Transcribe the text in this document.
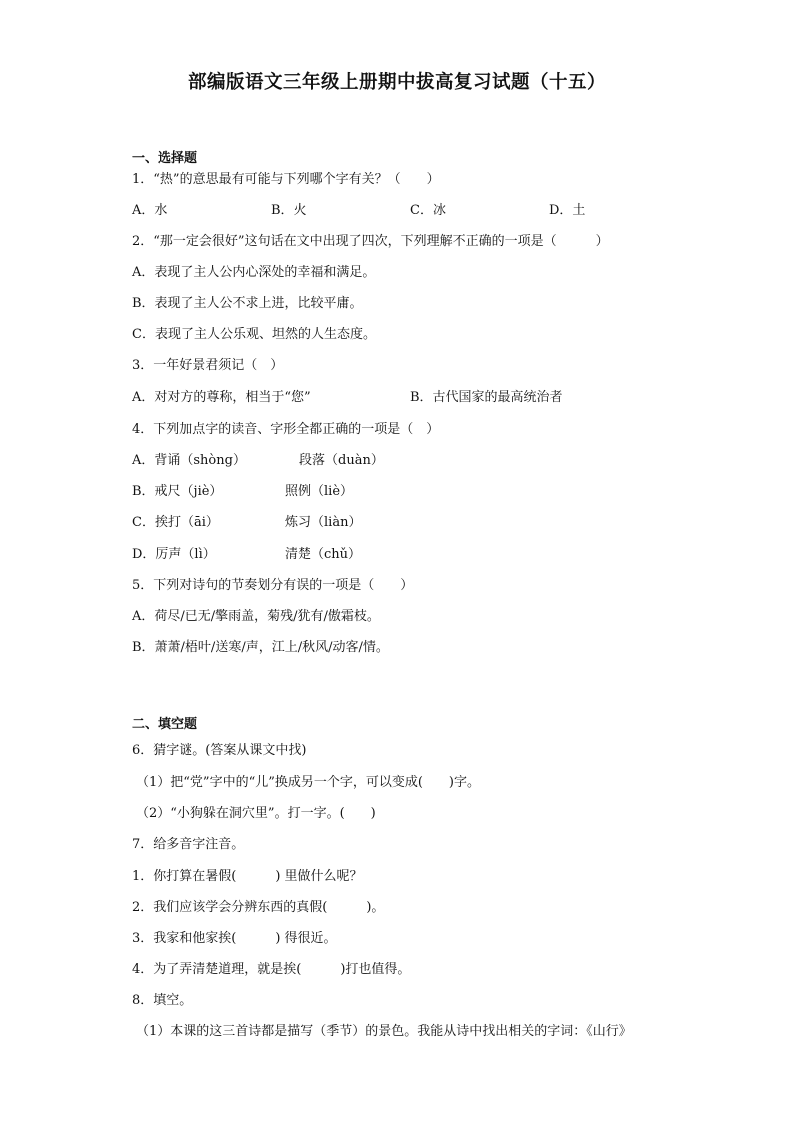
部编版语文三年级上册期中拔高复习试题（十五）
一、选择题
1．“热”的意思最有可能与下列哪个字有关？（　　）
A．水	B．火	C．冰	D．土
2．“那一定会很好”这句话在文中出现了四次，下列理解不正确的一项是（　　　）
A．表现了主人公内心深处的幸福和满足。
B．表现了主人公不求上进，比较平庸。
C．表现了主人公乐观、坦然的人生态度。
3．一年好景君须记（　）
A．对对方的尊称，相当于“您”	B．古代国家的最高统治者
4．下列加点字的读音、字形全都正确的一项是（　）
A．背诵（shòng）	段落（duàn）
B．戒尺（jiè）	照例（liè）
C．挨打（āi）	炼习（liàn）
D．厉声（lì）	清楚（chǔ）
5．下列对诗句的节奏划分有误的一项是（　　）
A．荷尽/已无/擎雨盖，菊残/犹有/傲霜枝。
B．萧萧/梧叶/送寒/声，江上/秋风/动客/情。
二、填空题
6．猜字谜。(答案从课文中找)
（1）把“党”字中的“儿”换成另一个字，可以变成(　　)字。
（2）“小狗躲在洞穴里”。打一字。(　　)
7．给多音字注音。
1．你打算在暑假(　　　) 里做什么呢？
2．我们应该学会分辨东西的真假(　　　)。
3．我家和他家挨(　　　) 得很近。
4．为了弄清楚道理，就是挨(　　　)打也值得。
8．填空。
（1）本课的这三首诗都是描写（季节）的景色。我能从诗中找出相关的字词：《山行》
